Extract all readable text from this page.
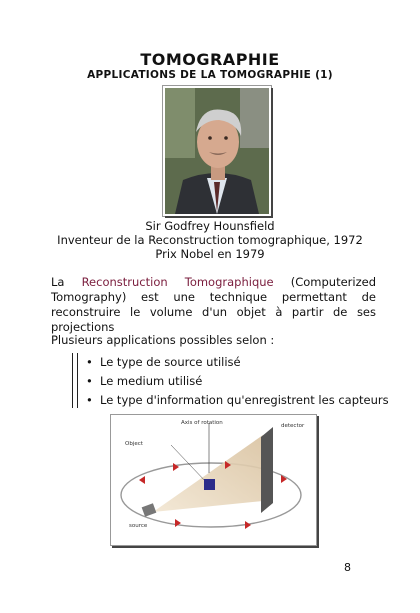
TOMOGRAPHIE
APPLICATIONS DE LA TOMOGRAPHIE (1)
Sir Godfrey Hounsfield
Inventeur de la Reconstruction tomographique, 1972
Prix Nobel en 1979
La Reconstruction Tomographique (Computerized Tomography) est une technique permettant de reconstruire le volume d'un objet à partir de ses projections
Plusieurs applications possibles selon :
• Le type de source utilisé
• Le medium utilisé
• Le type d'information qu'enregistrent les capteurs
Axis of rotation
Object
detector
source
8
